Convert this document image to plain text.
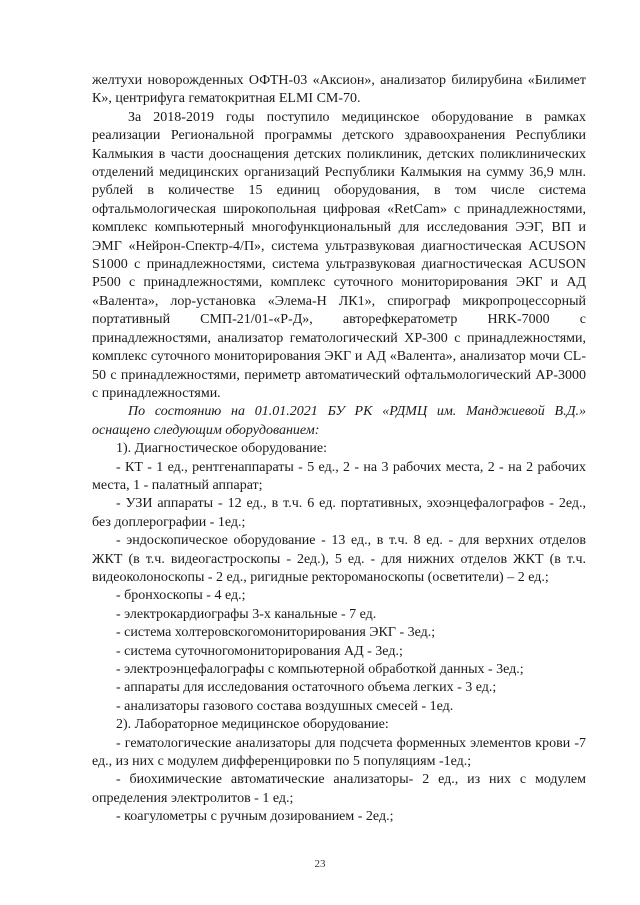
желтухи новорожденных ОФТН-03 «Аксион», анализатор билирубина «Билимет К», центрифуга гематокритная ELMI СМ-70.

За 2018-2019 годы поступило медицинское оборудование в рамках реализации Региональной программы детского здравоохранения Республики Калмыкия в части дооснащения детских поликлиник, детских поликлинических отделений медицинских организаций Республики Калмыкия на сумму 36,9 млн. рублей в количестве 15 единиц оборудования, в том числе система офтальмологическая широкопольная цифровая «RetCam» с принадлежностями, комплекс компьютерный многофункциональный для исследования ЭЭГ, ВП и ЭМГ «Нейрон-Спектр-4/П», система ультразвуковая диагностическая ACUSON S1000 с принадлежностями, система ультразвуковая диагностическая ACUSON P500 с принадлежностями, комплекс суточного мониторирования ЭКГ и АД «Валента», лор-установка «Элема-Н ЛК1», спирограф микропроцессорный портативный СМП-21/01-«Р-Д», авторефкератометр HRK-7000 с принадлежностями, анализатор гематологический XP-300 с принадлежностями, комплекс суточного мониторирования ЭКГ и АД «Валента», анализатор мочи CL-50 с принадлежностями, периметр автоматический офтальмологический AP-3000 с принадлежностями.

По состоянию на 01.01.2021 БУ РК «РДМЦ им. Манджиевой В.Д.» оснащено следующим оборудованием:

1). Диагностическое оборудование:

- КТ - 1 ед., рентгенаппараты - 5 ед., 2 - на 3 рабочих места, 2 - на 2 рабочих места, 1 - палатный аппарат;

- УЗИ аппараты - 12 ед., в т.ч. 6 ед. портативных, эхоэнцефалографов - 2ед., без доплерографии - 1ед.;

- эндоскопическое оборудование - 13 ед., в т.ч. 8 ед. - для верхних отделов ЖКТ (в т.ч. видеогастроскопы - 2ед.), 5 ед. - для нижних отделов ЖКТ (в т.ч. видеоколоноскопы - 2 ед., ригидные ректороманоскопы (осветители) – 2 ед.;

- бронхоскопы - 4 ед.;

- электрокардиографы 3-х канальные - 7 ед.

- система холтеровскогомониторирования ЭКГ - 3ед.;

- система суточногомониторирования АД - 3ед.;

- электроэнцефалографы с компьютерной обработкой данных - 3ед.;

- аппараты для исследования остаточного объема легких - 3 ед.;

- анализаторы газового состава воздушных смесей - 1ед.

2). Лабораторное медицинское оборудование:

- гематологические анализаторы для подсчета форменных элементов крови -7 ед., из них с модулем дифференцировки по 5 популяциям -1ед.;

- биохимические автоматические анализаторы- 2 ед., из них с модулем определения электролитов - 1 ед.;

- коагулометры с ручным дозированием - 2ед.;

23
